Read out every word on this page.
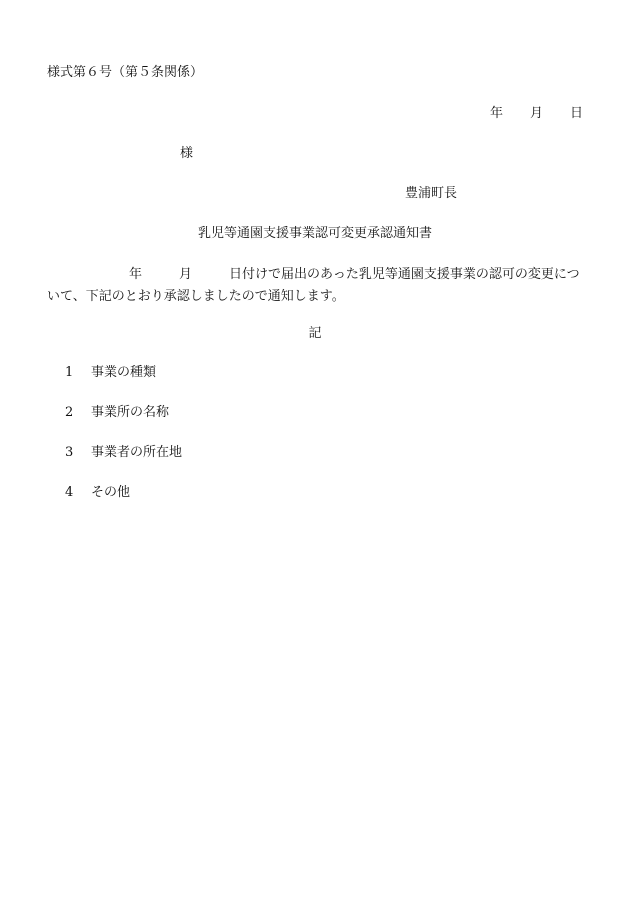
様式第６号（第５条関係）
年 月 日
様
豊浦町長
乳児等通園支援事業認可変更承認通知書
年	月	日付けで届出のあった乳児等通園支援事業の認可の変更につ
いて、下記のとおり承認しましたので通知します。
記
1 事業の種類
2 事業所の名称
3 事業者の所在地
4 その他
